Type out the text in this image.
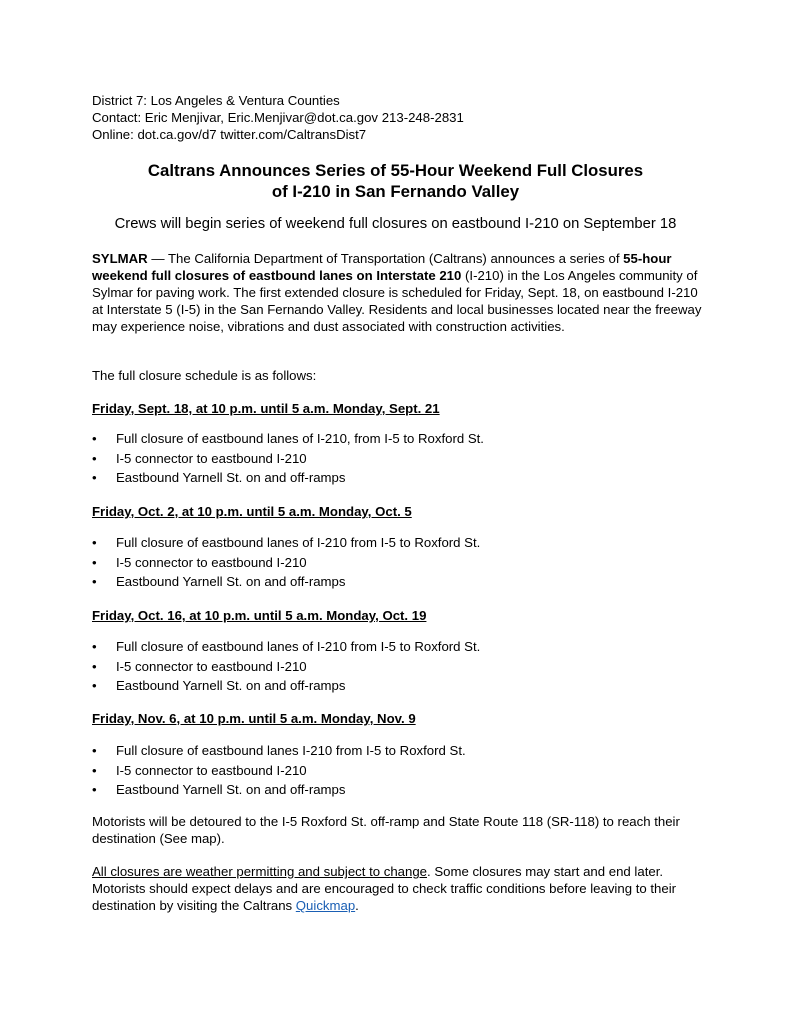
District 7: Los Angeles & Ventura Counties
Contact: Eric Menjivar, Eric.Menjivar@dot.ca.gov 213-248-2831
Online: dot.ca.gov/d7 twitter.com/CaltransDist7
Caltrans Announces Series of 55-Hour Weekend Full Closures
of I-210 in San Fernando Valley
Crews will begin series of weekend full closures on eastbound I-210 on September 18
SYLMAR — The California Department of Transportation (Caltrans) announces a series of 55-hour weekend full closures of eastbound lanes on Interstate 210 (I-210) in the Los Angeles community of Sylmar for paving work. The first extended closure is scheduled for Friday, Sept. 18, on eastbound I-210 at Interstate 5 (I-5) in the San Fernando Valley. Residents and local businesses located near the freeway may experience noise, vibrations and dust associated with construction activities.
The full closure schedule is as follows:
Friday, Sept. 18, at 10 p.m. until 5 a.m. Monday, Sept. 21
• Full closure of eastbound lanes of I-210, from I-5 to Roxford St.
• I-5 connector to eastbound I-210
• Eastbound Yarnell St. on and off-ramps
Friday, Oct. 2, at 10 p.m. until 5 a.m. Monday, Oct. 5
• Full closure of eastbound lanes of I-210 from I-5 to Roxford St.
• I-5 connector to eastbound I-210
• Eastbound Yarnell St. on and off-ramps
Friday, Oct. 16, at 10 p.m. until 5 a.m. Monday, Oct. 19
• Full closure of eastbound lanes of I-210 from I-5 to Roxford St.
• I-5 connector to eastbound I-210
• Eastbound Yarnell St. on and off-ramps
Friday, Nov. 6, at 10 p.m. until 5 a.m. Monday, Nov. 9
• Full closure of eastbound lanes I-210 from I-5 to Roxford St.
• I-5 connector to eastbound I-210
• Eastbound Yarnell St. on and off-ramps
Motorists will be detoured to the I-5 Roxford St. off-ramp and State Route 118 (SR-118) to reach their destination (See map).
All closures are weather permitting and subject to change. Some closures may start and end later. Motorists should expect delays and are encouraged to check traffic conditions before leaving to their destination by visiting the Caltrans Quickmap.
